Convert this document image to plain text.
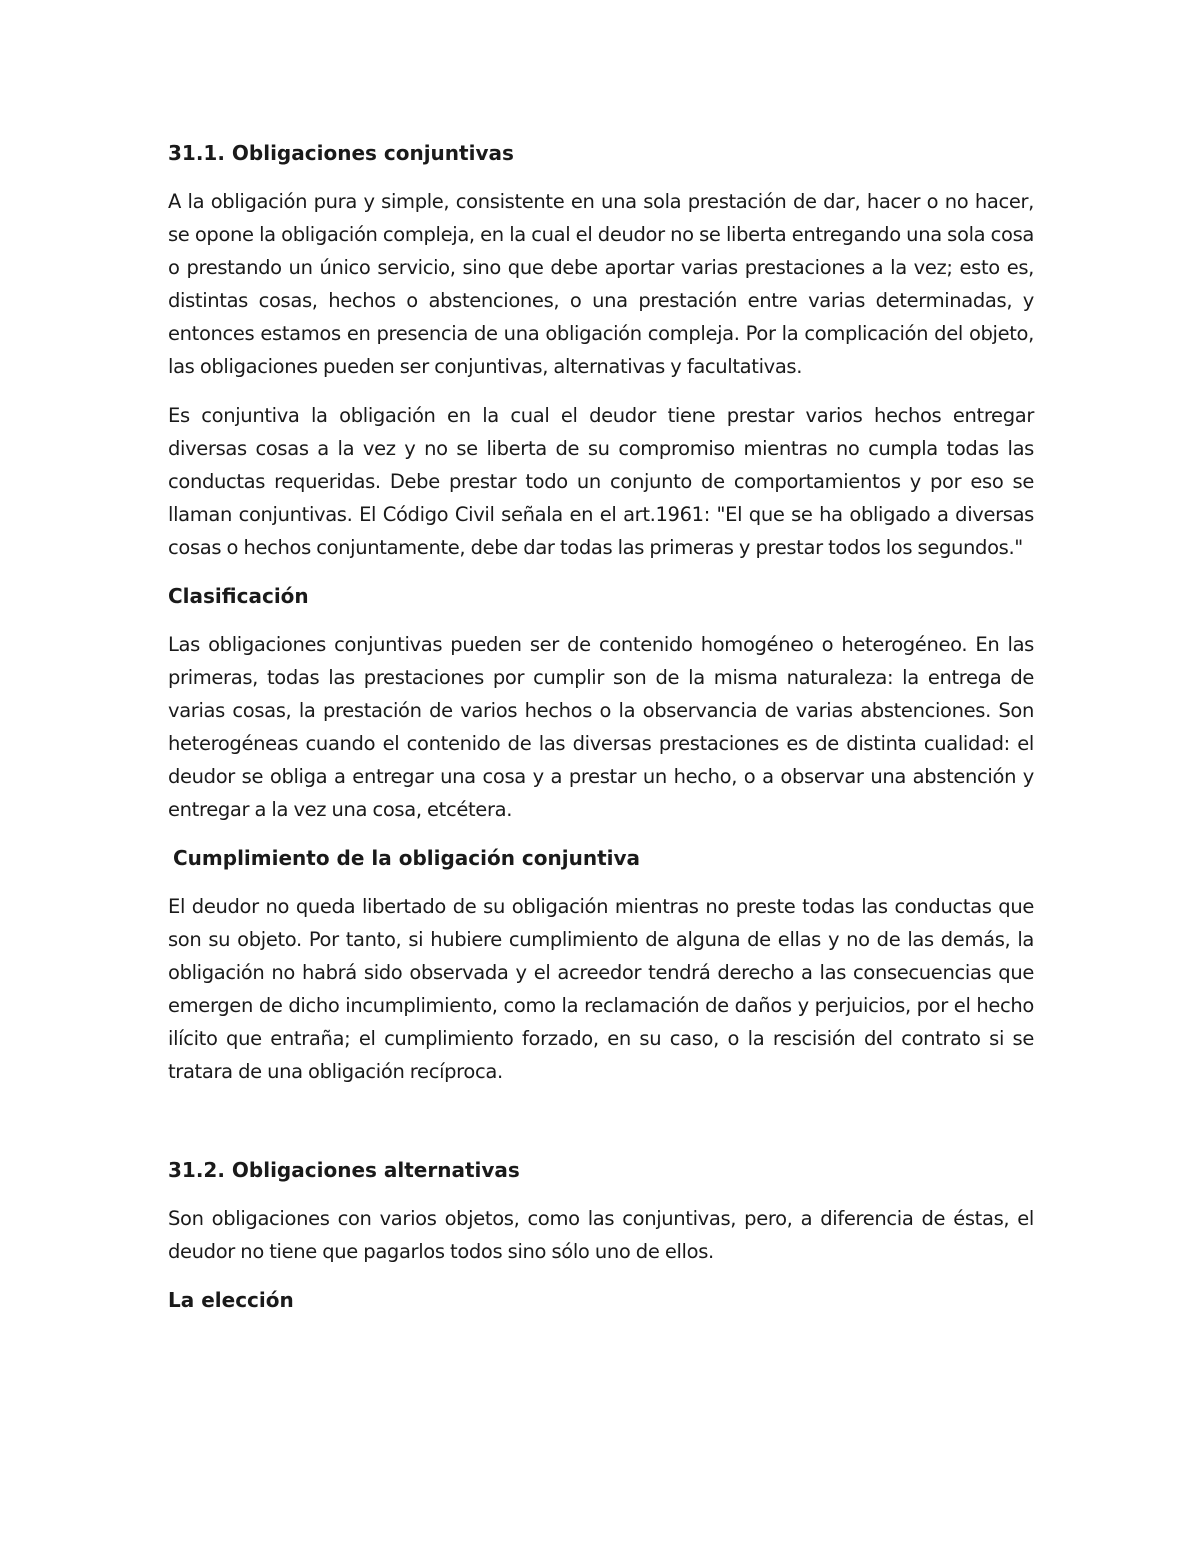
31.1. Obligaciones conjuntivas

A la obligación pura y simple, consistente en una sola prestación de dar, hacer o no hacer, se opone la obligación compleja, en la cual el deudor no se liberta entregando una sola cosa o prestando un único servicio, sino que debe aportar varias prestaciones a la vez; esto es, distintas cosas, hechos o abstenciones, o una prestación entre varias determinadas, y entonces estamos en presencia de una obligación compleja. Por la complicación del objeto, las obligaciones pueden ser conjuntivas, alternativas y facultativas.

Es conjuntiva la obligación en la cual el deudor tiene prestar varios hechos entregar diversas cosas a la vez y no se liberta de su compromiso mientras no cumpla todas las conductas requeridas. Debe prestar todo un conjunto de comportamientos y por eso se llaman conjuntivas. El Código Civil señala en el art.1961: "El que se ha obligado a diversas cosas o hechos conjuntamente, debe dar todas las primeras y prestar todos los segundos."

Clasificación

Las obligaciones conjuntivas pueden ser de contenido homogéneo o heterogéneo. En las primeras, todas las prestaciones por cumplir son de la misma naturaleza: la entrega de varias cosas, la prestación de varios hechos o la observancia de varias abstenciones. Son heterogéneas cuando el contenido de las diversas prestaciones es de distinta cualidad: el deudor se obliga a entregar una cosa y a prestar un hecho, o a observar una abstención y entregar a la vez una cosa, etcétera.

Cumplimiento de la obligación conjuntiva

El deudor no queda libertado de su obligación mientras no preste todas las conductas que son su objeto. Por tanto, si hubiere cumplimiento de alguna de ellas y no de las demás, la obligación no habrá sido observada y el acreedor tendrá derecho a las consecuencias que emergen de dicho incumplimiento, como la reclamación de daños y perjuicios, por el hecho ilícito que entraña; el cumplimiento forzado, en su caso, o la rescisión del contrato si se tratara de una obligación recíproca.

31.2. Obligaciones alternativas

Son obligaciones con varios objetos, como las conjuntivas, pero, a diferencia de éstas, el deudor no tiene que pagarlos todos sino sólo uno de ellos.

La elección
